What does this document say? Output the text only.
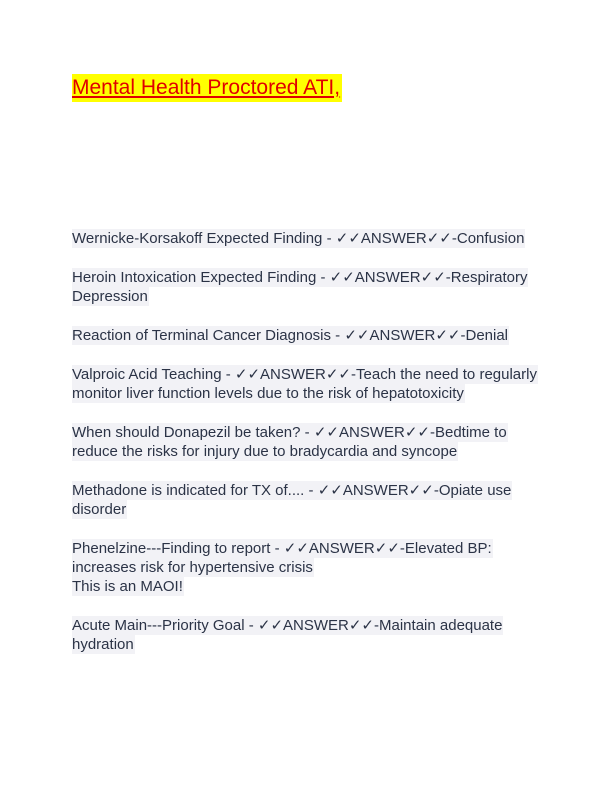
Mental Health Proctored ATI,
Wernicke-Korsakoff Expected Finding - ✓✓ANSWER✓✓-Confusion
Heroin Intoxication Expected Finding - ✓✓ANSWER✓✓-Respiratory Depression
Reaction of Terminal Cancer Diagnosis - ✓✓ANSWER✓✓-Denial
Valproic Acid Teaching - ✓✓ANSWER✓✓-Teach the need to regularly monitor liver function levels due to the risk of hepatotoxicity
When should Donapezil be taken? - ✓✓ANSWER✓✓-Bedtime to reduce the risks for injury due to bradycardia and syncope
Methadone is indicated for TX of.... - ✓✓ANSWER✓✓-Opiate use disorder
Phenelzine---Finding to report - ✓✓ANSWER✓✓-Elevated BP: increases risk for hypertensive crisis
This is an MAOI!
Acute Main---Priority Goal - ✓✓ANSWER✓✓-Maintain adequate hydration
